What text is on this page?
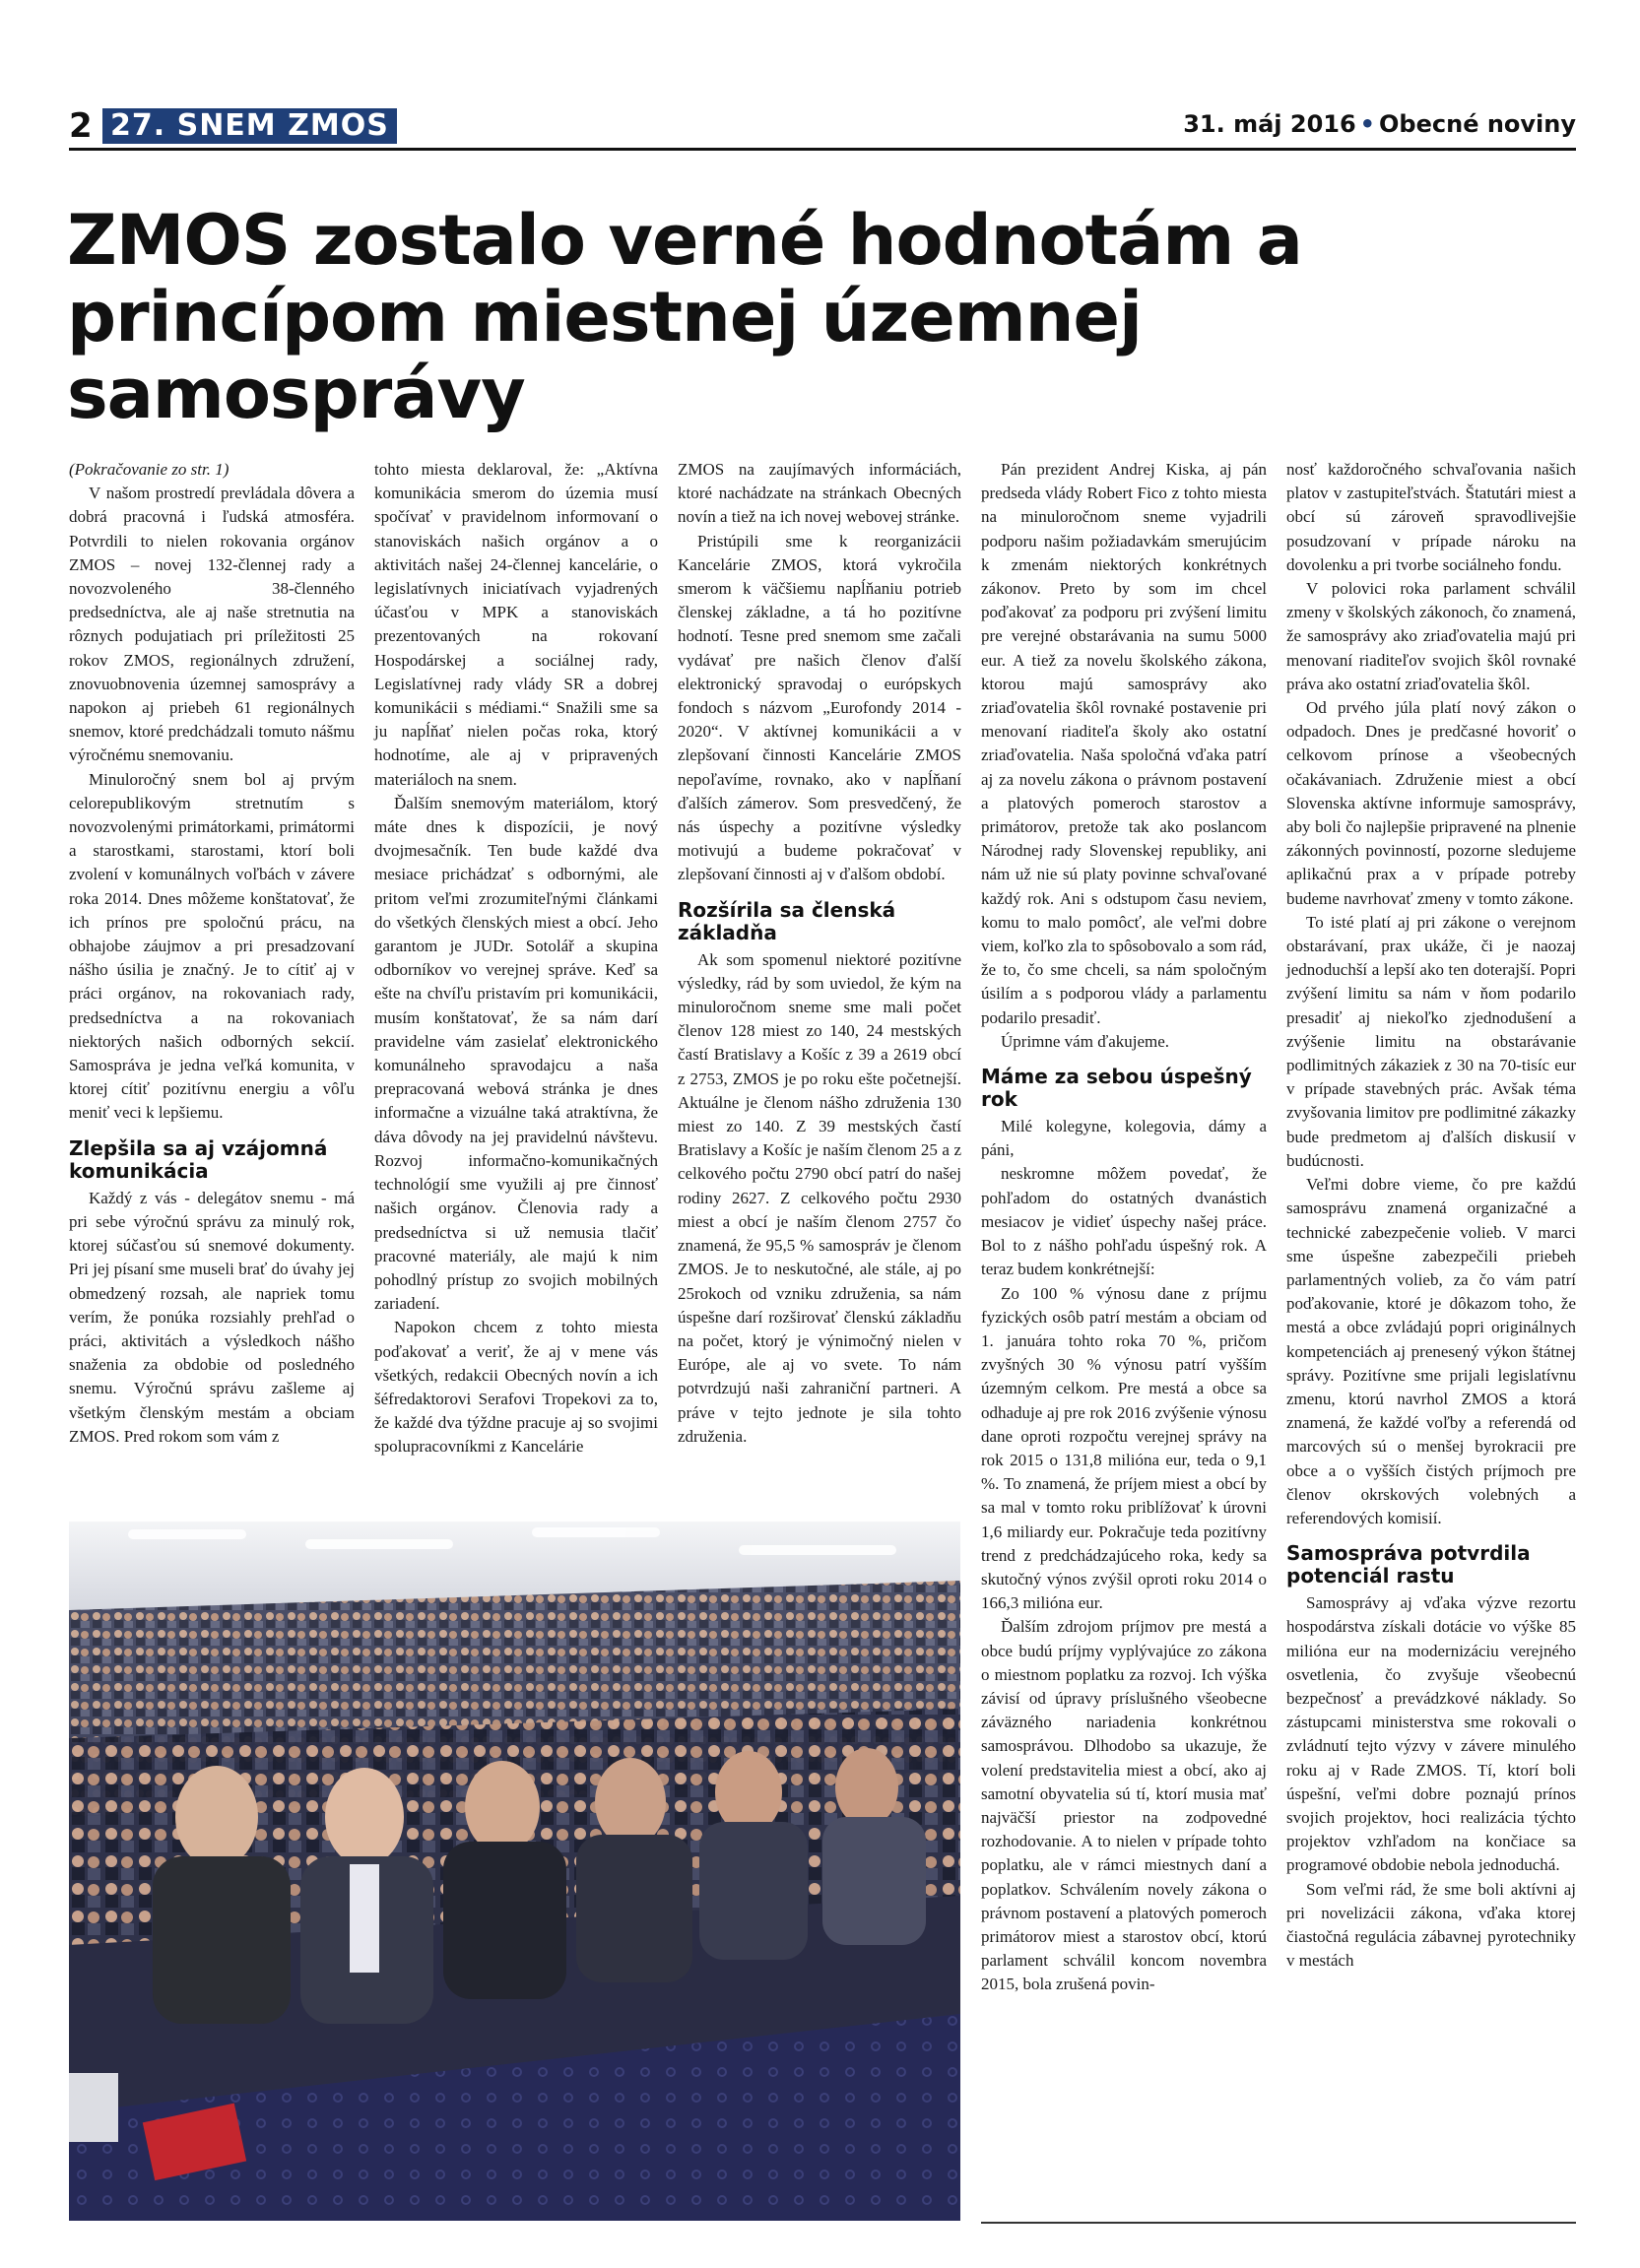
2 27. SNEM ZMOS	31. máj 2016 • Obecné noviny
ZMOS zostalo verné hodnotám a princípom miestnej územnej samosprávy

(Pokračovanie zo str. 1)

V našom prostredí prevládala dôvera a dobrá pracovná i ľudská atmosféra. Potvrdili to nielen rokovania orgánov ZMOS – novej 132-člennej rady a novozvoleného 38-členného predsedníctva, ale aj naše stretnutia na rôznych podujatiach pri príležitosti 25 rokov ZMOS, regionálnych združení, znovuobnovenia územnej samosprávy a napokon aj priebeh 61 regionálnych snemov, ktoré predchádzali tomuto nášmu výročnému snemovaniu.

Minuloročný snem bol aj prvým celorepublikovým stretnutím s novozvolenými primátorkami, primátormi a starostkami, starostami, ktorí boli zvolení v komunálnych voľbách v závere roka 2014. Dnes môžeme konštatovať, že ich prínos pre spoločnú prácu, na obhajobe záujmov a pri presadzovaní nášho úsilia je značný. Je to cítiť aj v práci orgánov, na rokovaniach rady, predsedníctva a na rokovaniach niektorých našich odborných sekcií. Samospráva je jedna veľká komunita, v ktorej cítiť pozitívnu energiu a vôľu meniť veci k lepšiemu.

Zlepšila sa aj vzájomná komunikácia

Každý z vás - delegátov snemu - má pri sebe výročnú správu za minulý rok, ktorej súčasťou sú snemové dokumenty. Pri jej písaní sme museli brať do úvahy jej obmedzený rozsah, ale napriek tomu verím, že ponúka rozsiahly prehľad o práci, aktivitách a výsledkoch nášho snaženia za obdobie od posledného snemu. Výročnú správu zašleme aj všetkým členským mestám a obciam ZMOS. Pred rokom som vám z

tohto miesta deklaroval, že: „Aktívna komunikácia smerom do územia musí spočívať v pravidelnom informovaní o stanoviskách našich orgánov a o aktivitách našej 24-člennej kancelárie, o legislatívnych iniciatívach vyjadrených účasťou v MPK a stanoviskách prezentovaných na rokovaní Hospodárskej a sociálnej rady, Legislatívnej rady vlády SR a dobrej komunikácii s médiami.“ Snažili sme sa ju napĺňať nielen počas roka, ktorý hodnotíme, ale aj v pripravených materiáloch na snem.

Ďalším snemovým materiálom, ktorý máte dnes k dispozícii, je nový dvojmesačník. Ten bude každé dva mesiace prichádzať s odbornými, ale pritom veľmi zrozumiteľnými článkami do všetkých členských miest a obcí. Jeho garantom je JUDr. Sotolář a skupina odborníkov vo verejnej správe. Keď sa ešte na chvíľu pristavím pri komunikácii, musím konštatovať, že sa nám darí pravidelne vám zasielať elektronického komunálneho spravodajcu a naša prepracovaná webová stránka je dnes informačne a vizuálne taká atraktívna, že dáva dôvody na jej pravidelnú návštevu. Rozvoj informačno-komunikačných technológií sme využili aj pre činnosť našich orgánov. Členovia rady a predsedníctva si už nemusia tlačiť pracovné materiály, ale majú k nim pohodlný prístup zo svojich mobilných zariadení.

Napokon chcem z tohto miesta poďakovať a veriť, že aj v mene vás všetkých, redakcii Obecných novín a ich šéfredaktorovi Serafovi Tropekovi za to, že každé dva týždne pracuje aj so svojimi spolupracovníkmi z Kancelárie

ZMOS na zaujímavých informáciách, ktoré nachádzate na stránkach Obecných novín a tiež na ich novej webovej stránke.

Pristúpili sme k reorganizácii Kancelárie ZMOS, ktorá vykročila smerom k väčšiemu napĺňaniu potrieb členskej základne, a tá ho pozitívne hodnotí. Tesne pred snemom sme začali vydávať pre našich členov ďalší elektronický spravodaj o európskych fondoch s názvom „Eurofondy 2014 - 2020“. V aktívnej komunikácii a v zlepšovaní činnosti Kancelárie ZMOS nepoľavíme, rovnako, ako v napĺňaní ďalších zámerov. Som presvedčený, že nás úspechy a pozitívne výsledky motivujú a budeme pokračovať v zlepšovaní činnosti aj v ďalšom období.

Rozšírila sa členská základňa

Ak som spomenul niektoré pozitívne výsledky, rád by som uviedol, že kým na minuloročnom sneme sme mali počet členov 128 miest zo 140, 24 mestských častí Bratislavy a Košíc z 39 a 2619 obcí z 2753, ZMOS je po roku ešte početnejší. Aktuálne je členom nášho združenia 130 miest zo 140. Z 39 mestských častí Bratislavy a Košíc je naším členom 25 a z celkového počtu 2790 obcí patrí do našej rodiny 2627. Z celkového počtu 2930 miest a obcí je naším členom 2757 čo znamená, že 95,5 % samospráv je členom ZMOS. Je to neskutočné, ale stále, aj po 25rokoch od vzniku združenia, sa nám úspešne darí rozširovať členskú základňu na počet, ktorý je výnimočný nielen v Európe, ale aj vo svete. To nám potvrdzujú naši zahraniční partneri. A práve v tejto jednote je sila tohto združenia.

Pán prezident Andrej Kiska, aj pán predseda vlády Robert Fico z tohto miesta na minuloročnom sneme vyjadrili podporu našim požiadavkám smerujúcim k zmenám niektorých konkrétnych zákonov. Preto by som im chcel poďakovať za podporu pri zvýšení limitu pre verejné obstarávania na sumu 5000 eur. A tiež za novelu školského zákona, ktorou majú samosprávy ako zriaďovatelia škôl rovnaké postavenie pri menovaní riaditeľa školy ako ostatní zriaďovatelia. Naša spoločná vďaka patrí aj za novelu zákona o právnom postavení a platových pomeroch starostov a primátorov, pretože tak ako poslancom Národnej rady Slovenskej republiky, ani nám už nie sú platy povinne schvaľované každý rok. Ani s odstupom času neviem, komu to malo pomôcť, ale veľmi dobre viem, koľko zla to spôsobovalo a som rád, že to, čo sme chceli, sa nám spoločným úsilím a s podporou vlády a parlamentu podarilo presadiť.

Úprimne vám ďakujeme.

Máme za sebou úspešný rok

Milé kolegyne, kolegovia, dámy a páni,

neskromne môžem povedať, že pohľadom do ostatných dvanástich mesiacov je vidieť úspechy našej práce. Bol to z nášho pohľadu úspešný rok. A teraz budem konkrétnejší:

Zo 100 % výnosu dane z príjmu fyzických osôb patrí mestám a obciam od 1. januára tohto roka 70 %, pričom zvyšných 30 % výnosu patrí vyšším územným celkom. Pre mestá a obce sa odhaduje aj pre rok 2016 zvýšenie výnosu dane oproti rozpočtu verejnej správy na rok 2015 o 131,8 milióna eur, teda o 9,1 %. To znamená, že príjem miest a obcí by sa mal v tomto roku priblížovať k úrovni 1,6 miliardy eur. Pokračuje teda pozitívny trend z predchádzajúceho roka, kedy sa skutočný výnos zvýšil oproti roku 2014 o 166,3 milióna eur.

Ďalším zdrojom príjmov pre mestá a obce budú príjmy vyplývajúce zo zákona o miestnom poplatku za rozvoj. Ich výška závisí od úpravy príslušného všeobecne záväzného nariadenia konkrétnou samosprávou. Dlhodobo sa ukazuje, že volení predstavitelia miest a obcí, ako aj samotní obyvatelia sú tí, ktorí musia mať najväčší priestor na zodpovedné rozhodovanie. A to nielen v prípade tohto poplatku, ale v rámci miestnych daní a poplatkov. Schválením novely zákona o právnom postavení a platových pomeroch primátorov miest a starostov obcí, ktorú parlament schválil koncom novembra 2015, bola zrušená povin-

nosť každoročného schvaľovania našich platov v zastupiteľstvách. Štatutári miest a obcí sú zároveň spravodlivejšie posudzovaní v prípade nároku na dovolenku a pri tvorbe sociálneho fondu.

V polovici roka parlament schválil zmeny v školských zákonoch, čo znamená, že samosprávy ako zriaďovatelia majú pri menovaní riaditeľov svojich škôl rovnaké práva ako ostatní zriaďovatelia škôl.

Od prvého júla platí nový zákon o odpadoch. Dnes je predčasné hovoriť o celkovom prínose a všeobecných očakávaniach. Združenie miest a obcí Slovenska aktívne informuje samosprávy, aby boli čo najlepšie pripravené na plnenie zákonných povinností, pozorne sledujeme aplikačnú prax a v prípade potreby budeme navrhovať zmeny v tomto zákone.

To isté platí aj pri zákone o verejnom obstarávaní, prax ukáže, či je naozaj jednoduchší a lepší ako ten doterajší. Popri zvýšení limitu sa nám v ňom podarilo presadiť aj niekoľko zjednodušení a zvýšenie limitu na obstarávanie podlimitných zákaziek z 30 na 70-tisíc eur v prípade stavebných prác. Avšak téma zvyšovania limitov pre podlimitné zákazky bude predmetom aj ďalších diskusií v budúcnosti.

Veľmi dobre vieme, čo pre každú samosprávu znamená organizačné a technické zabezpečenie volieb. V marci sme úspešne zabezpečili priebeh parlamentných volieb, za čo vám patrí poďakovanie, ktoré je dôkazom toho, že mestá a obce zvládajú popri originálnych kompetenciách aj prenesený výkon štátnej správy. Pozitívne sme prijali legislatívnu zmenu, ktorú navrhol ZMOS a ktorá znamená, že každé voľby a referendá od marcových sú o menšej byrokracii pre obce a o vyšších čistých príjmoch pre členov okrskových volebných a referendových komisií.

Samospráva potvrdila potenciál rastu

Samosprávy aj vďaka výzve rezortu hospodárstva získali dotácie vo výške 85 milióna eur na modernizáciu verejného osvetlenia, čo zvyšuje všeobecnú bezpečnosť a prevádzkové náklady. So zástupcami ministerstva sme rokovali o zvládnutí tejto výzvy v závere minulého roku aj v Rade ZMOS. Tí, ktorí boli úspešní, veľmi dobre poznajú prínos svojich projektov, hoci realizácia týchto projektov vzhľadom na končiace sa programové obdobie nebola jednoduchá.

Som veľmi rád, že sme boli aktívni aj pri novelizácii zákona, vďaka ktorej čiastočná regulácia zábavnej pyrotechniky v mestách
